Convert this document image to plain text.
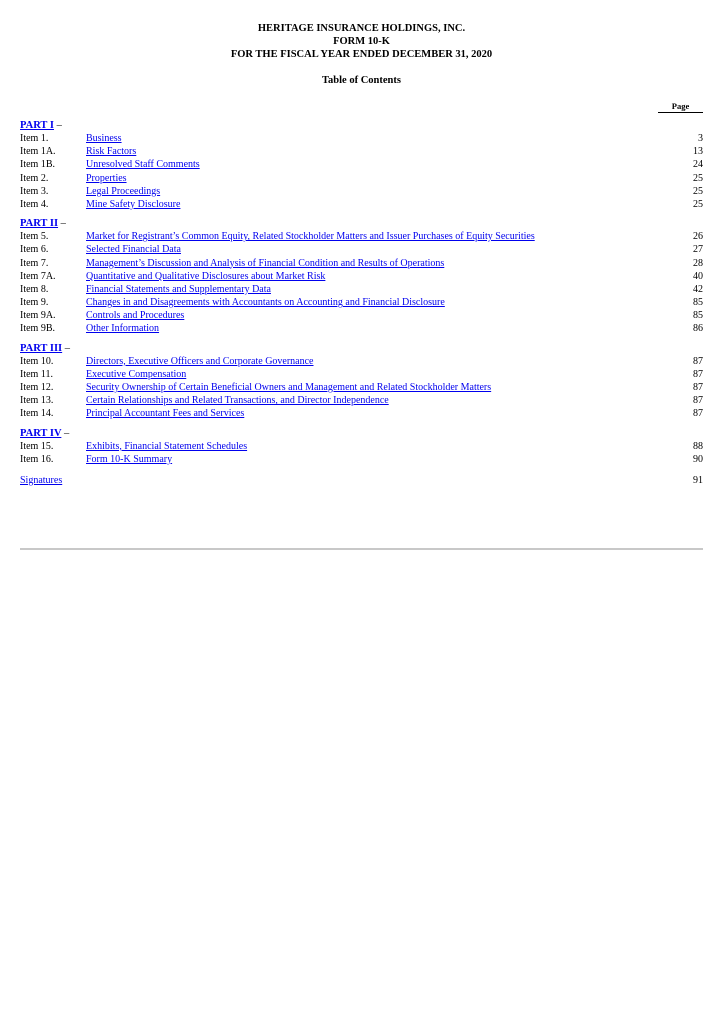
HERITAGE INSURANCE HOLDINGS, INC.
FORM 10-K
FOR THE FISCAL YEAR ENDED DECEMBER 31, 2020
Table of Contents
Page
PART I –
Item 1.	Business	3
Item 1A.	Risk Factors	13
Item 1B.	Unresolved Staff Comments	24
Item 2.	Properties	25
Item 3.	Legal Proceedings	25
Item 4.	Mine Safety Disclosure	25
PART II –
Item 5.	Market for Registrant’s Common Equity, Related Stockholder Matters and Issuer Purchases of Equity Securities	26
Item 6.	Selected Financial Data	27
Item 7.	Management’s Discussion and Analysis of Financial Condition and Results of Operations	28
Item 7A.	Quantitative and Qualitative Disclosures about Market Risk	40
Item 8.	Financial Statements and Supplementary Data	42
Item 9.	Changes in and Disagreements with Accountants on Accounting and Financial Disclosure	85
Item 9A.	Controls and Procedures	85
Item 9B.	Other Information	86
PART III –
Item 10.	Directors, Executive Officers and Corporate Governance	87
Item 11.	Executive Compensation	87
Item 12.	Security Ownership of Certain Beneficial Owners and Management and Related Stockholder Matters	87
Item 13.	Certain Relationships and Related Transactions, and Director Independence	87
Item 14.	Principal Accountant Fees and Services	87
PART IV –
Item 15.	Exhibits, Financial Statement Schedules	88
Item 16.	Form 10-K Summary	90
Signatures	91
